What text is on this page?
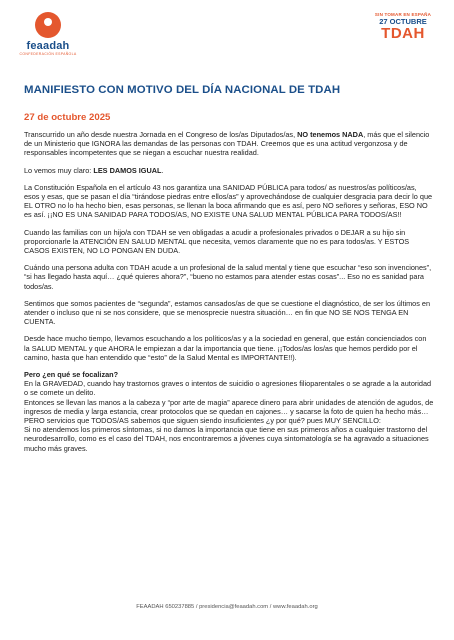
feaadah
CONFEDERACIÓN ESPAÑOLA
SIN TOMAR EN ESPAÑA
27 OCTUBRE
TDAH
MANIFIESTO CON MOTIVO DEL DÍA NACIONAL DE TDAH
27 de octubre 2025

Transcurrido un año desde nuestra Jornada en el Congreso de los/as Diputados/as, NO tenemos NADA, más que el silencio de un Ministerio que IGNORA las demandas de las personas con TDAH. Creemos que es una actitud vergonzosa y de responsables incompetentes que se niegan a escuchar nuestra realidad.

Lo vemos muy claro: LES DAMOS IGUAL.

La Constitución Española en el artículo 43 nos garantiza una SANIDAD PÚBLICA para todos/ as nuestros/as políticos/as, esos y esas, que se pasan el día “tirándose piedras entre ellos/as” y aprovechándose de cualquier desgracia para decir lo que EL OTRO no lo ha hecho bien, esas personas, se llenan la boca afirmando que es así, pero NO señores y señoras, ESO NO es así. ¡¡NO ES UNA SANIDAD PARA TODOS/AS, NO EXISTE UNA SALUD MENTAL PÚBLICA PARA TODOS/AS!!

Cuando las familias con un hijo/a con TDAH se ven obligadas a acudir a profesionales privados o DEJAR a su hijo sin proporcionarle la ATENCIÓN EN SALUD MENTAL que necesita, vemos claramente que no es para todos/as. Y ESTOS CASOS EXISTEN, NO LO PONGAN EN DUDA.

Cuándo una persona adulta con TDAH acude a un profesional de la salud mental y tiene que escuchar “eso son invenciones”, “si has llegado hasta aquí… ¿qué quieres ahora?”, “bueno no estamos para atender estas cosas”... Eso no es sanidad para todos/as.

Sentimos que somos pacientes de “segunda”, estamos cansados/as de que se cuestione el diagnóstico, de ser los últimos en atender o incluso que ni se nos considere, que se menosprecie nuestra situación… en fin que NO SE NOS TENGA EN CUENTA.

Desde hace mucho tiempo, llevamos escuchando a los políticos/as y a la sociedad en general, que están concienciados con la SALUD MENTAL y que AHORA le empiezan a dar la importancia que tiene. ¡¡Todos/as los/as que hemos perdido por el camino, hasta que han entendido que “esto” de la Salud Mental es IMPORTANTE!!).

Pero ¿en qué se focalizan?
En la GRAVEDAD, cuando hay trastornos graves o intentos de suicidio o agresiones filioparentales o se agrade a la autoridad o se comete un delito.
Entonces se llevan las manos a la cabeza y “por arte de magia” aparece dinero para abrir unidades de atención de agudos, de ingresos de media y larga estancia, crear protocolos que se quedan en cajones… y sacarse la foto de quien ha hecho más… PERO servicios que TODOS/AS sabemos que siguen siendo insuficientes ¿y por qué? pues MUY SENCILLO:
Si no atendemos los primeros síntomas, si no damos la importancia que tiene en sus primeros años a cualquier trastorno del neurodesarrollo, como es el caso del TDAH, nos encontraremos a jóvenes cuya sintomatología se ha agravado a situaciones mucho más graves.

FEAADAH 650237885 / presidencia@feaadah.com / www.feaadah.org
